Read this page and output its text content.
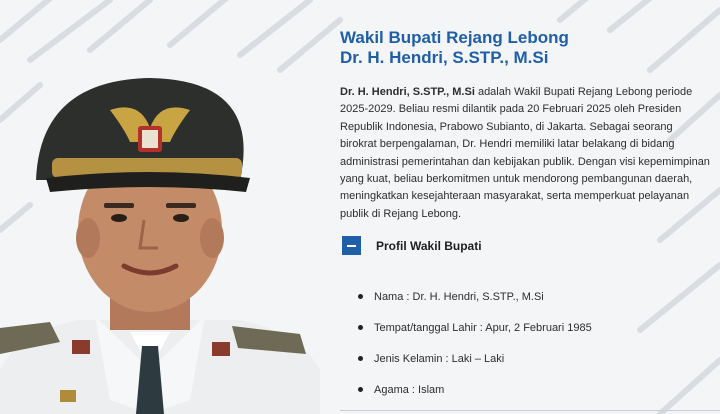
Wakil Bupati Rejang Lebong
Dr. H. Hendri, S.STP., M.Si

Dr. H. Hendri, S.STP., M.Si adalah Wakil Bupati Rejang Lebong periode 2025-2029. Beliau resmi dilantik pada 20 Februari 2025 oleh Presiden Republik Indonesia, Prabowo Subianto, di Jakarta. Sebagai seorang birokrat berpengalaman, Dr. Hendri memiliki latar belakang di bidang administrasi pemerintahan dan kebijakan publik. Dengan visi kepemimpinan yang kuat, beliau berkomitmen untuk mendorong pembangunan daerah, meningkatkan kesejahteraan masyarakat, serta memperkuat pelayanan publik di Rejang Lebong.

Profil Wakil Bupati
Nama : Dr. H. Hendri, S.STP., M.Si
Tempat/tanggal Lahir : Apur, 2 Februari 1985
Jenis Kelamin : Laki – Laki
Agama : Islam
